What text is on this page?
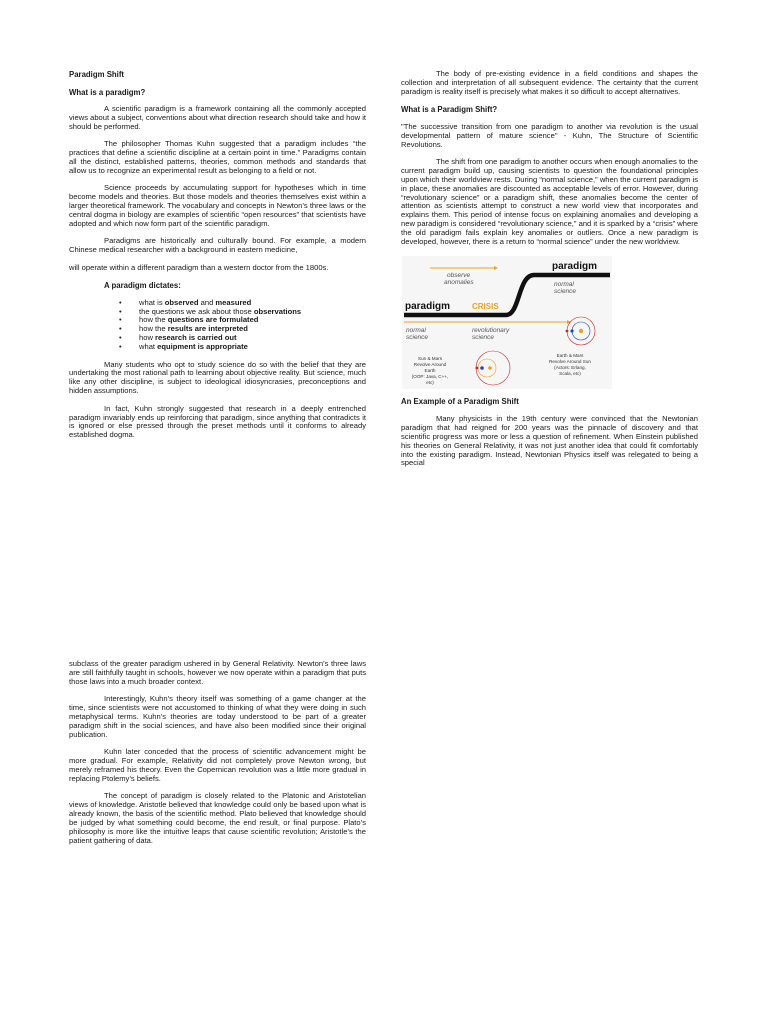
Paradigm Shift
What is a paradigm?

A scientific paradigm is a framework containing all the commonly accepted views about a subject, conventions about what direction research should take and how it should be performed.

The philosopher Thomas Kuhn suggested that a paradigm includes “the practices that define a scientific discipline at a certain point in time.” Paradigms contain all the distinct, established patterns, theories, common methods and standards that allow us to recognize an experimental result as belonging to a field or not.

Science proceeds by accumulating support for hypotheses which in time become models and theories. But those models and theories themselves exist within a larger theoretical framework. The vocabulary and concepts in Newton’s three laws or the central dogma in biology are examples of scientific “open resources” that scientists have adopted and which now form part of the scientific paradigm.

Paradigms are historically and culturally bound. For example, a modern Chinese medical researcher with a background in eastern medicine,

will operate within a different paradigm than a western doctor from the 1800s.

A paradigm dictates:
• what is observed and measured
• the questions we ask about those observations
• how the questions are formulated
• how the results are interpreted
• how research is carried out
• what equipment is appropriate

Many students who opt to study science do so with the belief that they are undertaking the most rational path to learning about objective reality. But science, much like any other discipline, is subject to ideological idiosyncrasies, preconceptions and hidden assumptions.

In fact, Kuhn strongly suggested that research in a deeply entrenched paradigm invariably ends up reinforcing that paradigm, since anything that contradicts it is ignored or else pressed through the preset methods until it conforms to already established dogma.

The body of pre-existing evidence in a field conditions and shapes the collection and interpretation of all subsequent evidence. The certainty that the current paradigm is reality itself is precisely what makes it so difficult to accept alternatives.

What is a Paradigm Shift?

"The successive transition from one paradigm to another via revolution is the usual developmental pattern of mature science" - Kuhn, The Structure of Scientific Revolutions.

The shift from one paradigm to another occurs when enough anomalies to the current paradigm build up, causing scientists to question the foundational principles upon which their worldview rests. During “normal science,” when the current paradigm is in place, these anomalies are discounted as acceptable levels of error. However, during “revolutionary science” or a paradigm shift, these anomalies become the center of attention as scientists attempt to construct a new world view that incorporates and explains them. This period of intense focus on explaining anomalies and developing a new paradigm is considered “revolutionary science,” and it is sparked by a “crisis” where the old paradigm fails explain key anomalies or outliers. Once a new paradigm is developed, however, there is a return to “normal science” under the new worldview.

paradigm
observe
anomalies	normal
science
paradigm	CRISIS
normal
science
revolutionary
science
Earth & Mars
Revolve Around Sun
(Actors: Erlang,
Scala, etc)
Sun & Mars
Revolve Around
Earth
(OOP: Java, C++,
etc)
An Example of a Paradigm Shift

Many physicists in the 19th century were convinced that the Newtonian paradigm that had reigned for 200 years was the pinnacle of discovery and that scientific progress was more or less a question of refinement. When Einstein published his theories on General Relativity, it was not just another idea that could fit comfortably into the existing paradigm. Instead, Newtonian Physics itself was relegated to being a special

subclass of the greater paradigm ushered in by General Relativity. Newton’s three laws are still faithfully taught in schools, however we now operate within a paradigm that puts those laws into a much broader context.

Interestingly, Kuhn’s theory itself was something of a game changer at the time, since scientists were not accustomed to thinking of what they were doing in such metaphysical terms. Kuhn’s theories are today understood to be part of a greater paradigm shift in the social sciences, and have also been modified since their original publication.

Kuhn later conceded that the process of scientific advancement might be more gradual. For example, Relativity did not completely prove Newton wrong, but merely reframed his theory. Even the Copernican revolution was a little more gradual in replacing Ptolemy’s beliefs.

The concept of paradigm is closely related to the Platonic and Aristotelian views of knowledge. Aristotle believed that knowledge could only be based upon what is already known, the basis of the scientific method. Plato believed that knowledge should be judged by what something could become, the end result, or final purpose. Plato’s philosophy is more like the intuitive leaps that cause scientific revolution; Aristotle’s the patient gathering of data.
